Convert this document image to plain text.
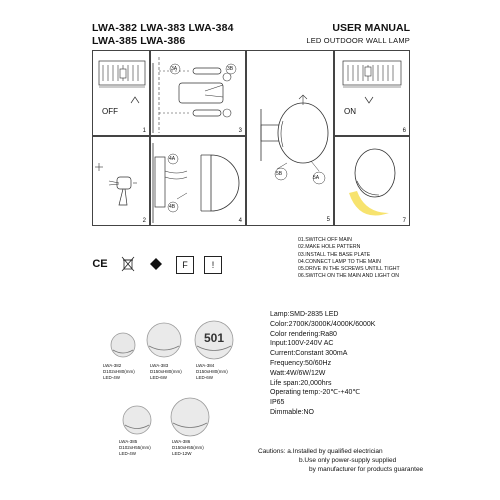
LWA-382 LWA-383 LWA-384
LWA-385 LWA-386
USER MANUAL
LED OUTDOOR WALL LAMP
OFF
1
3A	3B
3
5A
5B
5
ON
6
2
4A
4B
4	7
01.SWITCH OFF MAIN
02.MAKE HOLE PATTERN
03.INSTALL THE BASE PLATE
04.CONNECT LAMP TO THE MAIN
05.DRIVE IN THE SCREWS UNTILL TIGHT
06.SWITCH ON THE MAIN AND LIGHT ON
CE	F	!
LWA-382
D102xH80(mm)
LED-4W
LWA-383
D150xH80(mm)
LED-6W
501
LWA-384
D150xH80(mm)
LED-6W
LWA-385
D102xH55(mm)
LED-4W
LWA-386
D150xH55(mm)
LED-12W
Lamp:SMD-2835 LED
Color:2700K/3000K/4000K/6000K
Color rendering:Ra80
Input:100V-240V AC
Current:Constant 300mA
Frequency:50/60Hz
Watt:4W/6W/12W
Life span:20,000hrs
Operating temp:-20℃-+40℃
IP65
Dimmable:NO
Cautions: a.Installed by qualified electrician
b.Use only power-supply supplied
by manufacturer for products guarantee
